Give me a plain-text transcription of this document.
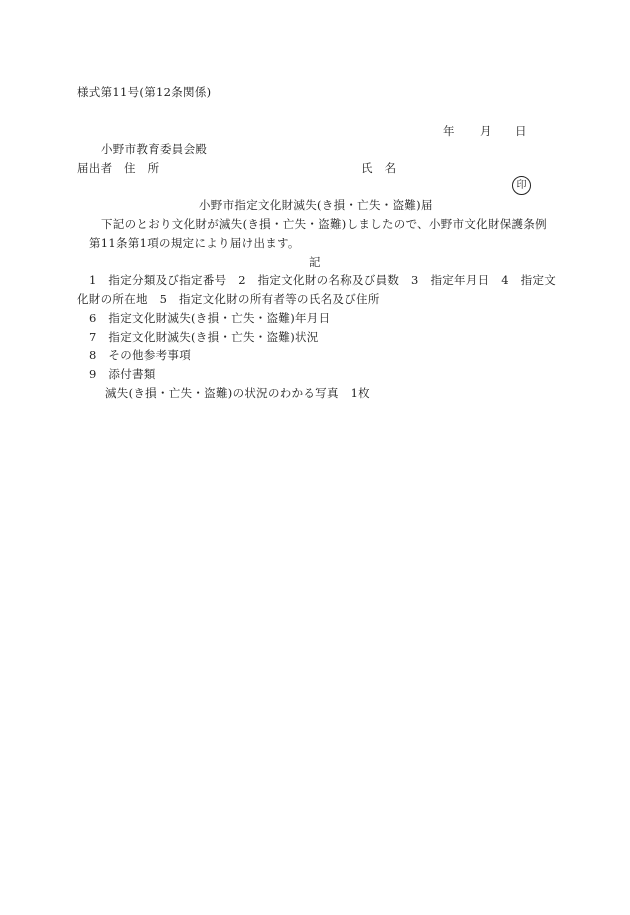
様式第11号(第12条関係)
年 月 日
小野市教育委員会殿
届出者 住　所	氏　名
印
小野市指定文化財滅失(き損・亡失・盗難)届
下記のとおり文化財が滅失(き損・亡失・盗難)しましたので、小野市文化財保護条例
第11条第1項の規定により届け出ます。
記
1　指定分類及び指定番号　2　指定文化財の名称及び員数　3　指定年月日　4　指定文
化財の所在地　5　指定文化財の所有者等の氏名及び住所
6　指定文化財滅失(き損・亡失・盗難)年月日
7　指定文化財滅失(き損・亡失・盗難)状況
8　その他参考事項
9　添付書類
滅失(き損・亡失・盗難)の状況のわかる写真　1枚
